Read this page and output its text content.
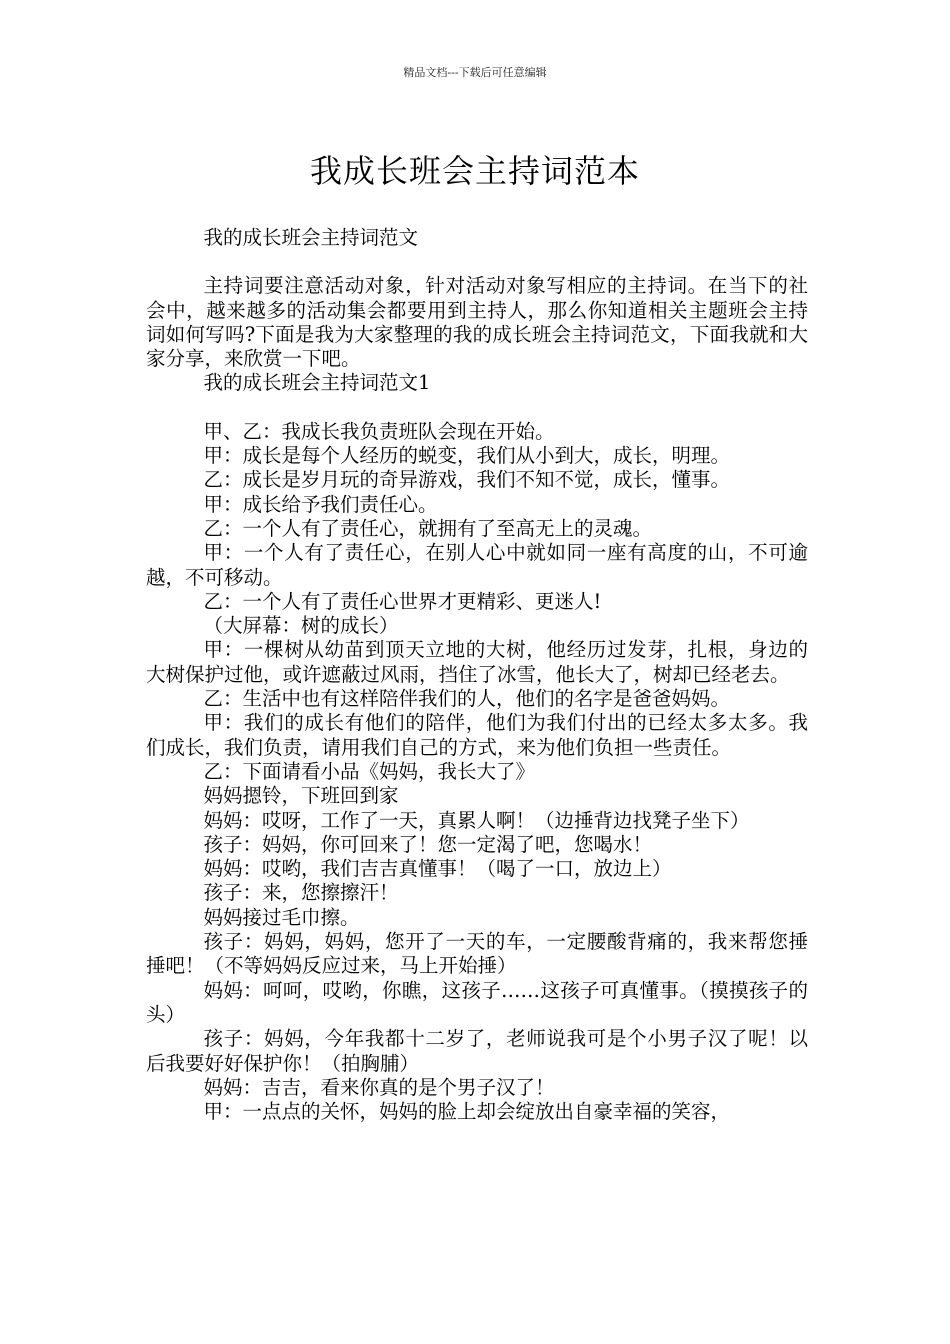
精品文档---下载后可任意编辑
我成长班会主持词范本

我的成长班会主持词范文

主持词要注意活动对象，针对活动对象写相应的主持词。在当下的社会中，越来越多的活动集会都要用到主持人，那么你知道相关主题班会主持词如何写吗?下面是我为大家整理的我的成长班会主持词范文，下面我就和大家分享，来欣赏一下吧。

我的成长班会主持词范文1

甲、乙：我成长我负责班队会现在开始。

甲：成长是每个人经历的蜕变，我们从小到大，成长，明理。

乙：成长是岁月玩的奇异游戏，我们不知不觉，成长，懂事。

甲：成长给予我们责任心。

乙：一个人有了责任心，就拥有了至高无上的灵魂。

甲：一个人有了责任心，在别人心中就如同一座有高度的山，不可逾越，不可移动。

乙：一个人有了责任心世界才更精彩、更迷人!

（大屏幕：树的成长）

甲：一棵树从幼苗到顶天立地的大树，他经历过发芽，扎根，身边的大树保护过他，或许遮蔽过风雨，挡住了冰雪，他长大了，树却已经老去。

乙：生活中也有这样陪伴我们的人，他们的名字是爸爸妈妈。

甲：我们的成长有他们的陪伴，他们为我们付出的已经太多太多。我们成长，我们负责，请用我们自己的方式，来为他们负担一些责任。

乙：下面请看小品《妈妈，我长大了》

妈妈摁铃，下班回到家

妈妈：哎呀，工作了一天，真累人啊！（边捶背边找凳子坐下）

孩子：妈妈，你可回来了！您一定渴了吧，您喝水！

妈妈：哎哟，我们吉吉真懂事！（喝了一口，放边上）

孩子：来，您擦擦汗！

妈妈接过毛巾擦。

孩子：妈妈，妈妈，您开了一天的车，一定腰酸背痛的，我来帮您捶捶吧！（不等妈妈反应过来，马上开始捶）

妈妈：呵呵，哎哟，你瞧，这孩子……这孩子可真懂事。（摸摸孩子的头）

孩子：妈妈，今年我都十二岁了，老师说我可是个小男子汉了呢！以后我要好好保护你！（拍胸脯）

妈妈：吉吉，看来你真的是个男子汉了！

甲：一点点的关怀，妈妈的脸上却会绽放出自豪幸福的笑容，
